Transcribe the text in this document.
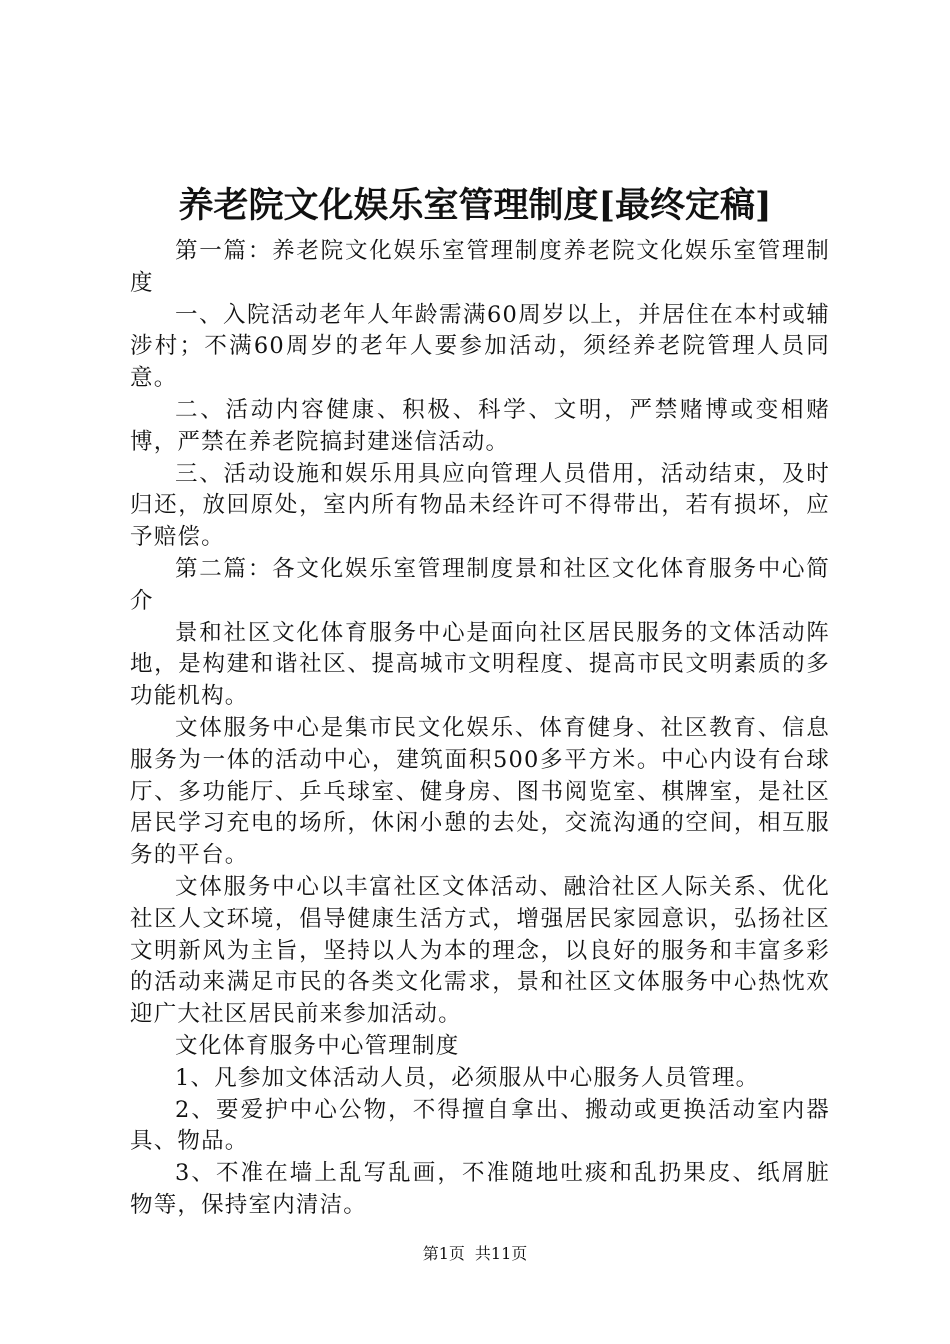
养老院文化娱乐室管理制度[最终定稿]

第一篇：养老院文化娱乐室管理制度养老院文化娱乐室管理制度

一、入院活动老年人年龄需满60周岁以上，并居住在本村或辅涉村；不满60周岁的老年人要参加活动，须经养老院管理人员同意。

二、活动内容健康、积极、科学、文明，严禁赌博或变相赌博，严禁在养老院搞封建迷信活动。

三、活动设施和娱乐用具应向管理人员借用，活动结束，及时归还，放回原处，室内所有物品未经许可不得带出，若有损坏，应予赔偿。

第二篇：各文化娱乐室管理制度景和社区文化体育服务中心简介

景和社区文化体育服务中心是面向社区居民服务的文体活动阵地，是构建和谐社区、提高城市文明程度、提高市民文明素质的多功能机构。

文体服务中心是集市民文化娱乐、体育健身、社区教育、信息服务为一体的活动中心，建筑面积500多平方米。中心内设有台球厅、多功能厅、乒乓球室、健身房、图书阅览室、棋牌室，是社区居民学习充电的场所，休闲小憩的去处，交流沟通的空间，相互服务的平台。

文体服务中心以丰富社区文体活动、融洽社区人际关系、优化社区人文环境，倡导健康生活方式，增强居民家园意识，弘扬社区文明新风为主旨，坚持以人为本的理念，以良好的服务和丰富多彩的活动来满足市民的各类文化需求，景和社区文体服务中心热忱欢迎广大社区居民前来参加活动。

文化体育服务中心管理制度

1、凡参加文体活动人员，必须服从中心服务人员管理。

2、要爱护中心公物，不得擅自拿出、搬动或更换活动室内器具、物品。

3、不准在墙上乱写乱画，不准随地吐痰和乱扔果皮、纸屑脏物等，保持室内清洁。

第1页 共11页
